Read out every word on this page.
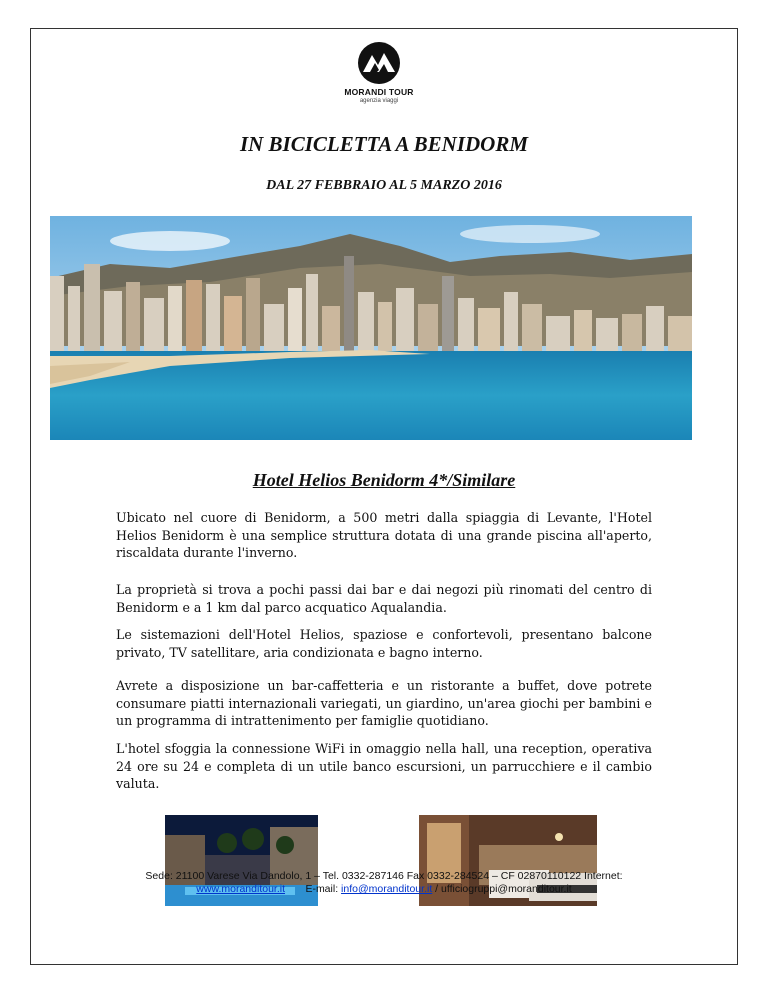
MORANDI TOUR
agenzia viaggi
IN BICICLETTA A BENIDORM
DAL 27 FEBBRAIO AL 5 MARZO 2016
Hotel Helios Benidorm 4*/Similare

Ubicato nel cuore di Benidorm, a 500 metri dalla spiaggia di Levante, l'Hotel Helios Benidorm è una semplice struttura dotata di una grande piscina all'aperto, riscaldata durante l'inverno.

La proprietà si trova a pochi passi dai bar e dai negozi più rinomati del centro di Benidorm e a 1 km dal parco acquatico Aqualandia.

Le sistemazioni dell'Hotel Helios, spaziose e confortevoli, presentano balcone privato, TV satellitare, aria condizionata e bagno interno.

Avrete a disposizione un bar-caffetteria e un ristorante a buffet, dove potrete consumare piatti internazionali variegati, un giardino, un'area giochi per bambini e un programma di intrattenimento per famiglie quotidiano.

L'hotel sfoggia la connessione WiFi in omaggio nella hall, una reception, operativa 24 ore su 24 e completa di un utile banco escursioni, un parrucchiere e il cambio valuta.

Sede: 21100 Varese Via Dandolo, 1 – Tel. 0332-287146 Fax 0332-284524 – CF 02870110122 Internet:
www.moranditour.it E-mail: info@moranditour.it / ufficiogruppi@moranditour.it
